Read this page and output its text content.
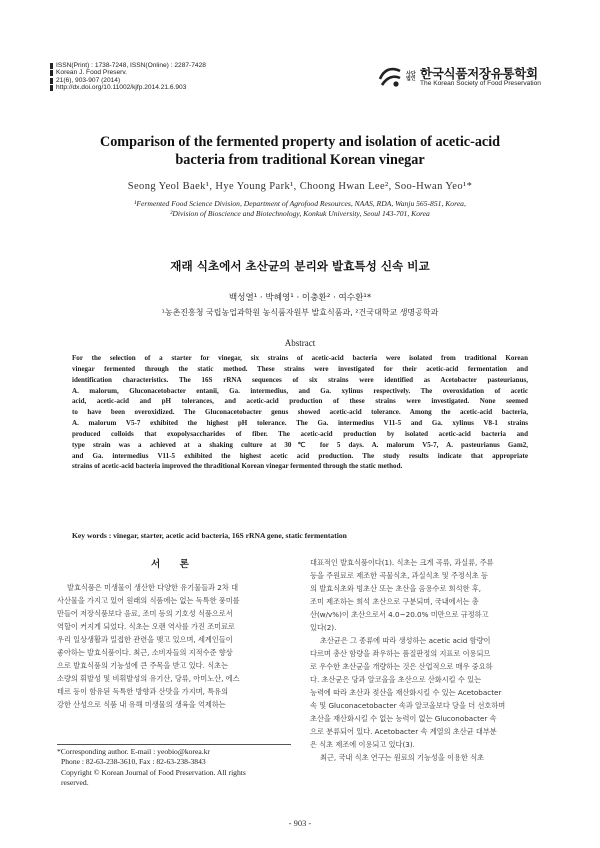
ISSN(Print) : 1738-7248, ISSN(Online) : 2287-7428
Korean J. Food Preserv.
21(6), 903-907 (2014)
http://dx.doi.org/10.11002/kjfp.2014.21.6.903
사단법인 한국식품저장유통학회
The Korean Society of Food Preservation
Comparison of the fermented property and isolation of acetic-acid
bacteria from traditional Korean vinegar
Seong Yeol Baek¹, Hye Young Park¹, Choong Hwan Lee², Soo-Hwan Yeo¹*
¹Fermented Food Science Division, Department of Agrofood Resources, NAAS, RDA, Wanju 565-851, Korea,
²Division of Bioscience and Biotechnology, Konkuk University, Seoul 143-701, Korea
재래 식초에서 초산균의 분리와 발효특성 신속 비교
백성열¹ · 박혜영¹ · 이충환² · 여수환¹*
¹농촌진흥청 국립농업과학원 농식품자원부 발효식품과, ²건국대학교 생명공학과
Abstract
For the selection of a starter for vinegar, six strains of acetic-acid bacteria were isolated from traditional Korean
vinegar fermented through the static method. These strains were investigated for their acetic-acid fermentation and
identification characteristics. The 16S rRNA sequences of six strains were identified as Acetobacter pasteurianus,
A. malorum, Gluconacetobacter entanii, Ga. intermedius, and Ga. xylinus respectively. The overoxidation of acetic
acid, acetic-acid and pH tolerances, and acetic-acid production of these strains were investigated. None seemed
to have been overoxidized. The Gluconacetobacter genus showed acetic-acid tolerance. Among the acetic-acid bacteria,
A. malorum V5-7 exhibited the highest pH tolerance. The Ga. intermedius V11-5 and Ga. xylinus V8-1 strains
produced colloids that exopolysaccharides of fiber. The acetic-acid production by isolated acetic-acid bacteria and
type strain was a achieved at a shaking culture at 30℃ for 5 days. A. malorum V5-7, A. pasteurianus Gam2,
and Ga. intermedius V11-5 exhibited the highest acetic acid production. The study results indicate that appropriate
strains of acetic-acid bacteria improved the thraditional Korean vinegar fermented through the static method.
Key words : vinegar, starter, acetic acid bacteria, 16S rRNA gene, static fermentation
서 론
발효식품은 미생물이 생산한 다양한 유기물들과 2차 대
사산물을 가지고 있어 원래의 식품에는 없는 독특한 풍미를
만들어 저장식품보다 음료, 조미 등의 기호성 식품으로서
역할이 커지게 되었다. 식초는 오랜 역사를 가진 조미료로
우리 일상생활과 밀접한 관련을 맺고 있으며, 세계인들이
좋아하는 발효식품이다. 최근, 소비자들의 지적수준 향상
으로 발효식품의 기능성에 큰 주목을 받고 있다. 식초는
소량의 휘발성 및 비휘발성의 유기산, 당류, 아미노산, 에스
테르 등이 함유된 독특한 방향과 산맛을 가지며, 특유의
강한 산성으로 식품 내 유해 미생물의 생육을 억제하는
대표적인 발효식품이다(1). 식초는 크게 곡류, 과실류, 주류
등을 주원료로 제조한 곡물식초, 과실식초 및 주정식초 등
의 발효식초와 빙초산 또는 초산을 음용수로 희석한 후,
조미 제조하는 희석 초산으로 구분되며, 국내에서는 총
산(w/v%)이 초산으로서 4.0~20.0% 미만으로 규정하고
있다(2).
초산균은 그 종류에 따라 생성하는 acetic acid 함량이
다르며 총산 함량을 좌우하는 품질판정의 지표로 이용되므
로 우수한 초산균을 개량하는 것은 산업적으로 매우 중요하
다. 초산균은 당과 알코올을 초산으로 산화시킬 수 있는
능력에 따라 초산과 젖산을 재산화시킬 수 있는 Acetobacter
속 및 Gluconacetobacter 속과 알코올보다 당을 더 선호하며
초산을 재산화시킬 수 없는 능력이 없는 Gluconobacter 속
으로 분류되어 있다. Acetobacter 속 계열의 초산균 대부분
은 식초 제조에 이용되고 있다(3).
최근, 국내 식초 연구는 원료의 기능성을 이용한 식초
*Corresponding author. E-mail : yeobio@korea.kr
Phone : 82-63-238-3610, Fax : 82-63-238-3843
Copyright © Korean Journal of Food Preservation. All rights
reserved.
- 903 -
